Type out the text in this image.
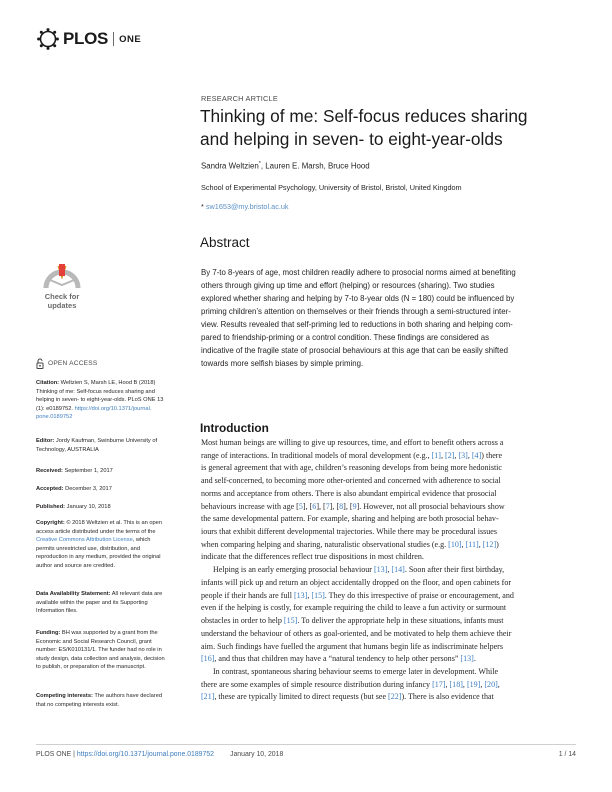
PLOS ONE
RESEARCH ARTICLE
Thinking of me: Self-focus reduces sharing
and helping in seven- to eight-year-olds
Sandra Weltzien*, Lauren E. Marsh, Bruce Hood
School of Experimental Psychology, University of Bristol, Bristol, United Kingdom
* sw1653@my.bristol.ac.uk
Abstract
By 7-to 8-years of age, most children readily adhere to prosocial norms aimed at benefiting
others through giving up time and effort (helping) or resources (sharing). Two studies
explored whether sharing and helping by 7-to 8-year olds (N = 180) could be influenced by
priming children’s attention on themselves or their friends through a semi-structured inter-
view. Results revealed that self-priming led to reductions in both sharing and helping com-
pared to friendship-priming or a control condition. These findings are considered as
indicative of the fragile state of prosocial behaviours at this age that can be easily shifted
towards more selfish biases by simple priming.
Check for
updates
OPEN ACCESS
Citation: Weltzien S, Marsh LE, Hood B (2018)
Thinking of me: Self-focus reduces sharing and
helping in seven- to eight-year-olds. PLoS ONE 13
(1): e0189752. https://doi.org/10.1371/journal.
pone.0189752
Editor: Jordy Kaufman, Swinburne University of
Technology, AUSTRALIA
Received: September 1, 2017
Accepted: December 3, 2017
Published: January 10, 2018
Copyright: © 2018 Weltzien et al. This is an open
access article distributed under the terms of the
Creative Commons Attribution License, which
permits unrestricted use, distribution, and
reproduction in any medium, provided the original
author and source are credited.
Data Availability Statement: All relevant data are
available within the paper and its Supporting
Information files.
Funding: BH was supported by a grant from the
Economic and Social Research Council, grant
number: ES/K010131/1. The funder had no role in
study design, data collection and analysis, decision
to publish, or preparation of the manuscript.
Competing interests: The authors have declared
that no competing interests exist.
Introduction
Most human beings are willing to give up resources, time, and effort to benefit others across a
range of interactions. In traditional models of moral development (e.g., [1], [2], [3], [4]) there
is general agreement that with age, children’s reasoning develops from being more hedonistic
and self-concerned, to becoming more other-oriented and concerned with adherence to social
norms and acceptance from others. There is also abundant empirical evidence that prosocial
behaviours increase with age [5], [6], [7], [8], [9]. However, not all prosocial behaviours show
the same developmental pattern. For example, sharing and helping are both prosocial behav-
iours that exhibit different developmental trajectories. While there may be procedural issues
when comparing helping and sharing, naturalistic observational studies (e.g. [10], [11], [12])
indicate that the differences reflect true dispositions in most children.
Helping is an early emerging prosocial behaviour [13], [14]. Soon after their first birthday,
infants will pick up and return an object accidentally dropped on the floor, and open cabinets for
people if their hands are full [13], [15]. They do this irrespective of praise or encouragement, and
even if the helping is costly, for example requiring the child to leave a fun activity or surmount
obstacles in order to help [15]. To deliver the appropriate help in these situations, infants must
understand the behaviour of others as goal-oriented, and be motivated to help them achieve their
aim. Such findings have fuelled the argument that humans begin life as indiscriminate helpers
[16], and thus that children may have a “natural tendency to help other persons” [13].
In contrast, spontaneous sharing behaviour seems to emerge later in development. While
there are some examples of simple resource distribution during infancy [17], [18], [19], [20],
[21], these are typically limited to direct requests (but see [22]). There is also evidence that
PLOS ONE | https://doi.org/10.1371/journal.pone.0189752 January 10, 2018	1 / 14
